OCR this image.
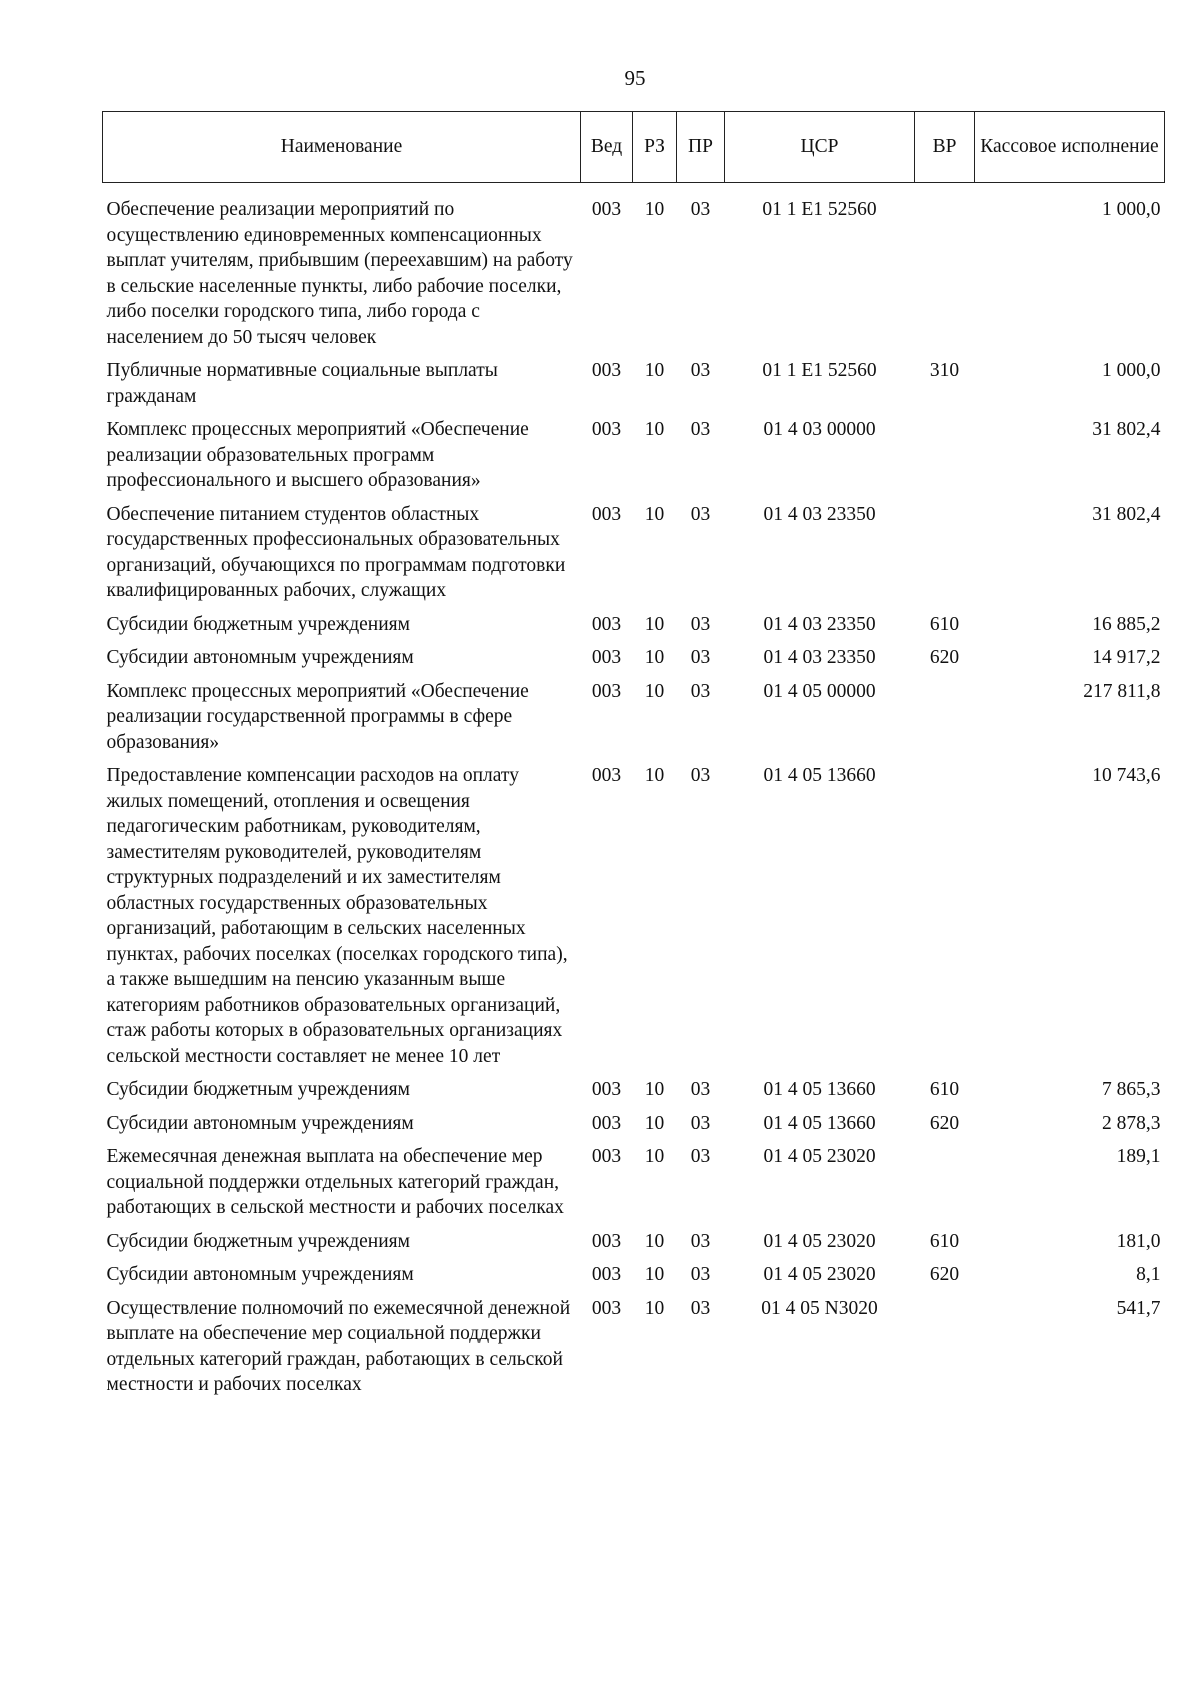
95
Наименование	Вед	РЗ	ПР	ЦСР	ВР	Кассовое исполнение
Обеспечение реализации мероприятий по осуществлению единовременных компенсационных выплат учителям, прибывшим (переехавшим) на работу в сельские населенные пункты, либо рабочие поселки, либо поселки городского типа, либо города с населением до 50 тысяч человек	003	10	03	01 1 E1 52560		1 000,0
Публичные нормативные социальные выплаты гражданам	003	10	03	01 1 E1 52560	310	1 000,0
Комплекс процессных мероприятий «Обеспечение реализации образовательных программ профессионального и высшего образования»	003	10	03	01 4 03 00000		31 802,4
Обеспечение питанием студентов областных государственных профессиональных образовательных организаций, обучающихся по программам подготовки квалифицированных рабочих, служащих	003	10	03	01 4 03 23350		31 802,4
Субсидии бюджетным учреждениям	003	10	03	01 4 03 23350	610	16 885,2
Субсидии автономным учреждениям	003	10	03	01 4 03 23350	620	14 917,2
Комплекс процессных мероприятий «Обеспечение реализации государственной программы в сфере образования»	003	10	03	01 4 05 00000		217 811,8
Предоставление компенсации расходов на оплату жилых помещений, отопления и освещения педагогическим работникам, руководителям, заместителям руководителей, руководителям структурных подразделений и их заместителям областных государственных образовательных организаций, работающим в сельских населенных пунктах, рабочих поселках (поселках городского типа), а также вышедшим на пенсию указанным выше категориям работников образовательных организаций, стаж работы которых в образовательных организациях сельской местности составляет не менее 10 лет	003	10	03	01 4 05 13660		10 743,6
Субсидии бюджетным учреждениям	003	10	03	01 4 05 13660	610	7 865,3
Субсидии автономным учреждениям	003	10	03	01 4 05 13660	620	2 878,3
Ежемесячная денежная выплата на обеспечение мер социальной поддержки отдельных категорий граждан, работающих в сельской местности и рабочих поселках	003	10	03	01 4 05 23020		189,1
Субсидии бюджетным учреждениям	003	10	03	01 4 05 23020	610	181,0
Субсидии автономным учреждениям	003	10	03	01 4 05 23020	620	8,1
Осуществление полномочий по ежемесячной денежной выплате на обеспечение мер социальной поддержки отдельных категорий граждан, работающих в сельской местности и рабочих поселках	003	10	03	01 4 05 N3020		541,7
